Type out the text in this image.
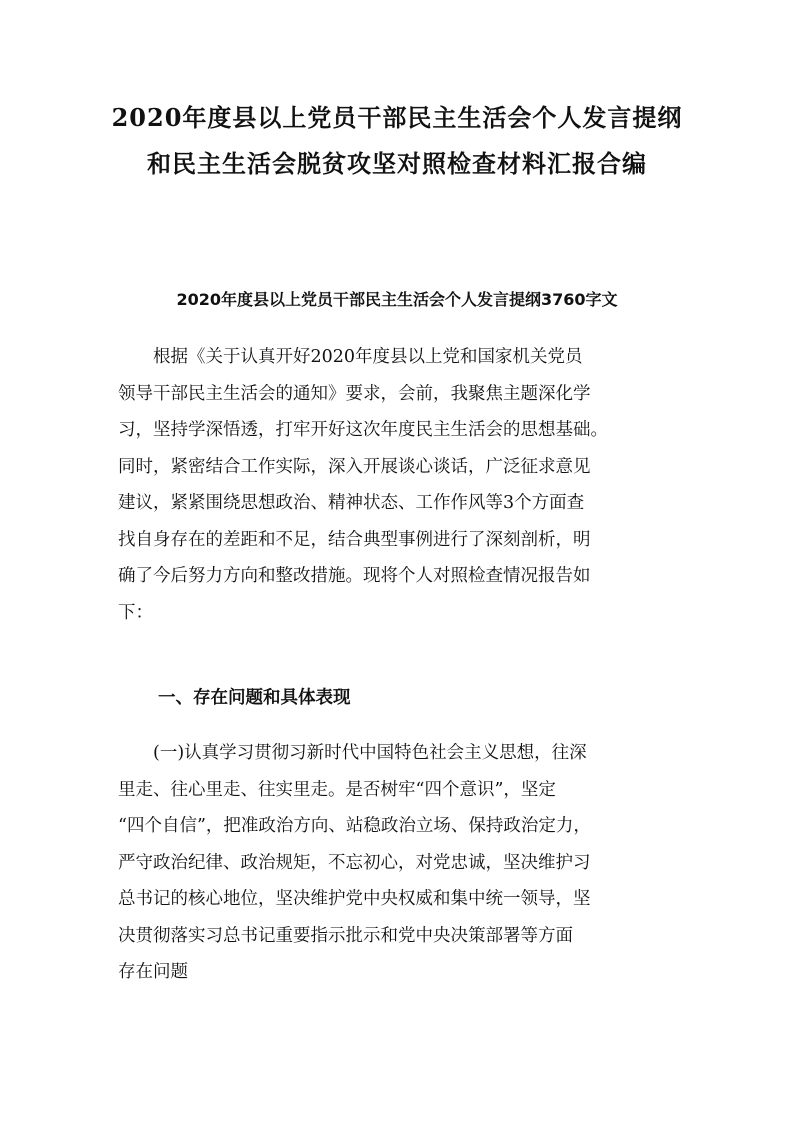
2020年度县以上党员干部民主生活会个人发言提纲
和民主生活会脱贫攻坚对照检查材料汇报合编
2020年度县以上党员干部民主生活会个人发言提纲3760字文
　　根据《关于认真开好2020年度县以上党和国家机关党员
领导干部民主生活会的通知》要求，会前，我聚焦主题深化学
习，坚持学深悟透，打牢开好这次年度民主生活会的思想基础。
同时，紧密结合工作实际，深入开展谈心谈话，广泛征求意见
建议，紧紧围绕思想政治、精神状态、工作作风等3个方面查
找自身存在的差距和不足，结合典型事例进行了深刻剖析，明
确了今后努力方向和整改措施。现将个人对照检查情况报告如
下：
一、存在问题和具体表现
　　(一)认真学习贯彻习新时代中国特色社会主义思想，往深
里走、往心里走、往实里走。是否树牢“四个意识”，坚定
“四个自信”，把准政治方向、站稳政治立场、保持政治定力，
严守政治纪律、政治规矩，不忘初心，对党忠诚，坚决维护习
总书记的核心地位，坚决维护党中央权威和集中统一领导，坚
决贯彻落实习总书记重要指示批示和党中央决策部署等方面
存在问题
